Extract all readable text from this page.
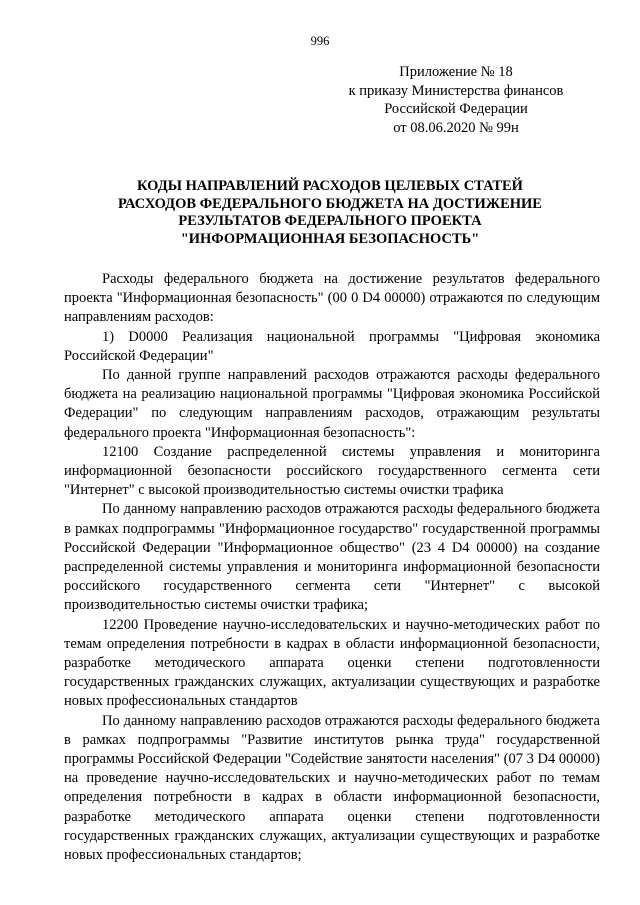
996
Приложение № 18
к приказу Министерства финансов
Российской Федерации
от 08.06.2020 № 99н
КОДЫ НАПРАВЛЕНИЙ РАСХОДОВ ЦЕЛЕВЫХ СТАТЕЙ
РАСХОДОВ ФЕДЕРАЛЬНОГО БЮДЖЕТА НА ДОСТИЖЕНИЕ
РЕЗУЛЬТАТОВ ФЕДЕРАЛЬНОГО ПРОЕКТА
"ИНФОРМАЦИОННАЯ БЕЗОПАСНОСТЬ"

Расходы федерального бюджета на достижение результатов федерального проекта "Информационная безопасность" (00 0 D4 00000) отражаются по следующим направлениям расходов:

1) D0000 Реализация национальной программы "Цифровая экономика Российской Федерации"

По данной группе направлений расходов отражаются расходы федерального бюджета на реализацию национальной программы "Цифровая экономика Российской Федерации" по следующим направлениям расходов, отражающим результаты федерального проекта "Информационная безопасность":

12100 Создание распределенной системы управления и мониторинга информационной безопасности российского государственного сегмента сети "Интернет" с высокой производительностью системы очистки трафика

По данному направлению расходов отражаются расходы федерального бюджета в рамках подпрограммы "Информационное государство" государственной программы Российской Федерации "Информационное общество" (23 4 D4 00000) на создание распределенной системы управления и мониторинга информационной безопасности российского государственного сегмента сети "Интернет" с высокой производительностью системы очистки трафика;

12200 Проведение научно-исследовательских и научно-методических работ по темам определения потребности в кадрах в области информационной безопасности, разработке методического аппарата оценки степени подготовленности государственных гражданских служащих, актуализации существующих и разработке новых профессиональных стандартов

По данному направлению расходов отражаются расходы федерального бюджета в рамках подпрограммы "Развитие институтов рынка труда" государственной программы Российской Федерации "Содействие занятости населения" (07 3 D4 00000) на проведение научно-исследовательских и научно-методических работ по темам определения потребности в кадрах в области информационной безопасности, разработке методического аппарата оценки степени подготовленности государственных гражданских служащих, актуализации существующих и разработке новых профессиональных стандартов;
